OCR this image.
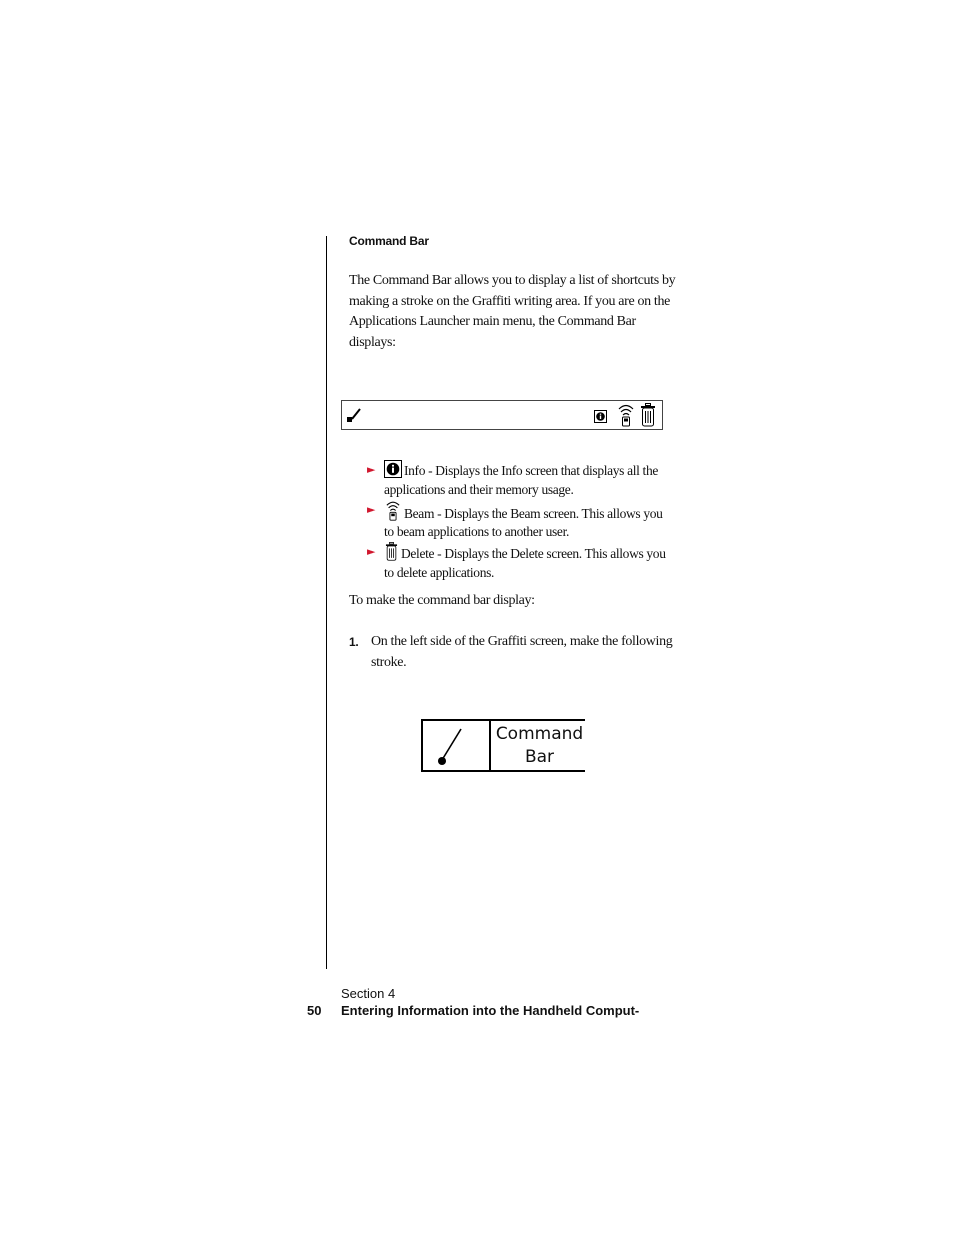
Command Bar
The Command Bar allows you to display a list of shortcuts by making a stroke on the Graffiti writing area. If you are on the Applications Launcher main menu, the Command Bar displays:
► Info - Displays the Info screen that displays all the applications and their memory usage.
► Beam - Displays the Beam screen. This allows you to beam applications to another user.
► Delete - Displays the Delete screen. This allows you to delete applications.
To make the command bar display:
1. On the left side of the Graffiti screen, make the following stroke.
Command
Bar
Section 4
50 Entering Information into the Handheld Comput-
